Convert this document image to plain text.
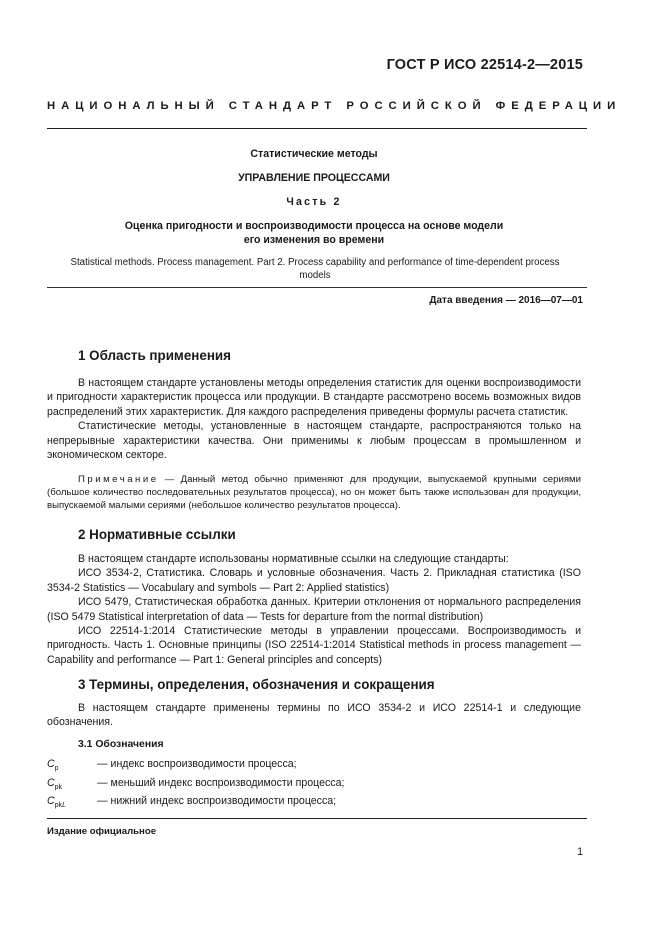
ГОСТ Р ИСО 22514-2—2015
НАЦИОНАЛЬНЫЙ СТАНДАРТ РОССИЙСКОЙ ФЕДЕРАЦИИ
Статистические методы
УПРАВЛЕНИЕ ПРОЦЕССАМИ
Часть 2
Оценка пригодности и воспроизводимости процесса на основе модели
его изменения во времени
Statistical methods. Process management. Part 2. Process capability and performance of time-dependent process models
Дата введения — 2016—07—01
1 Область применения

В настоящем стандарте установлены методы определения статистик для оценки воспроизводимости и пригодности характеристик процесса или продукции. В стандарте рассмотрено восемь возможных видов распределений этих характеристик. Для каждого распределения приведены формулы расчета статистик.

Статистические методы, установленные в настоящем стандарте, распространяются только на непрерывные характеристики качества. Они применимы к любым процессам в промышленном и экономическом секторе.

Примечание — Данный метод обычно применяют для продукции, выпускаемой крупными сериями (большое количество последовательных результатов процесса), но он может быть также использован для продукции, выпускаемой малыми сериями (небольшое количество результатов процесса).
2 Нормативные ссылки

В настоящем стандарте использованы нормативные ссылки на следующие стандарты:

ИСО 3534-2, Статистика. Словарь и условные обозначения. Часть 2. Прикладная статистика (ISO 3534-2 Statistics — Vocabulary and symbols — Part 2: Applied statistics)

ИСО 5479, Статистическая обработка данных. Критерии отклонения от нормального распределения (ISO 5479 Statistical interpretation of data — Tests for departure from the normal distribution)

ИСО 22514-1:2014 Статистические методы в управлении процессами. Воспроизводимость и пригодность. Часть 1. Основные принципы (ISO 22514-1:2014 Statistical methods in process management — Capability and performance — Part 1: General principles and concepts)

3 Термины, определения, обозначения и сокращения

В настоящем стандарте применены термины по ИСО 3534-2 и ИСО 22514-1 и следующие обозначения.

3.1 Обозначения
$C_p$	— индекс воспроизводимости процесса;
$C_{pk}$	— меньший индекс воспроизводимости процесса;
$C_{pkL}$	— нижний индекс воспроизводимости процесса;
Издание официальное
1
